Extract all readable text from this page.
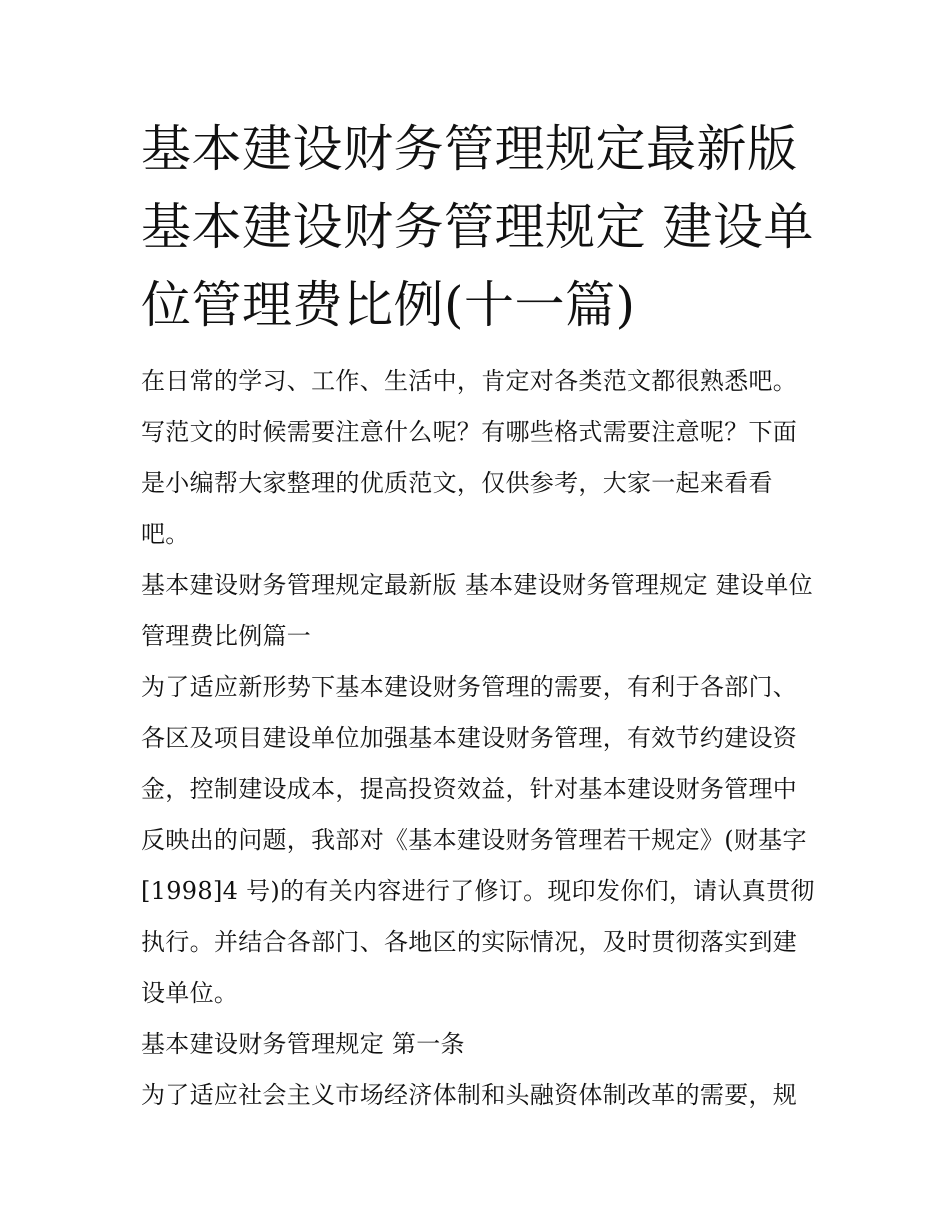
基本建设财务管理规定最新版 基本建设财务管理规定 建设单位管理费比例(十一篇)

在日常的学习、工作、生活中，肯定对各类范文都很熟悉吧。写范文的时候需要注意什么呢？有哪些格式需要注意呢？下面是小编帮大家整理的优质范文，仅供参考，大家一起来看看吧。

基本建设财务管理规定最新版 基本建设财务管理规定 建设单位管理费比例篇一

为了适应新形势下基本建设财务管理的需要，有利于各部门、各区及项目建设单位加强基本建设财务管理，有效节约建设资金，控制建设成本，提高投资效益，针对基本建设财务管理中反映出的问题，我部对《基本建设财务管理若干规定》(财基字[1998]4 号)的有关内容进行了修订。现印发你们，请认真贯彻执行。并结合各部门、各地区的实际情况，及时贯彻落实到建设单位。

基本建设财务管理规定 第一条

为了适应社会主义市场经济体制和头融资体制改革的需要，规
